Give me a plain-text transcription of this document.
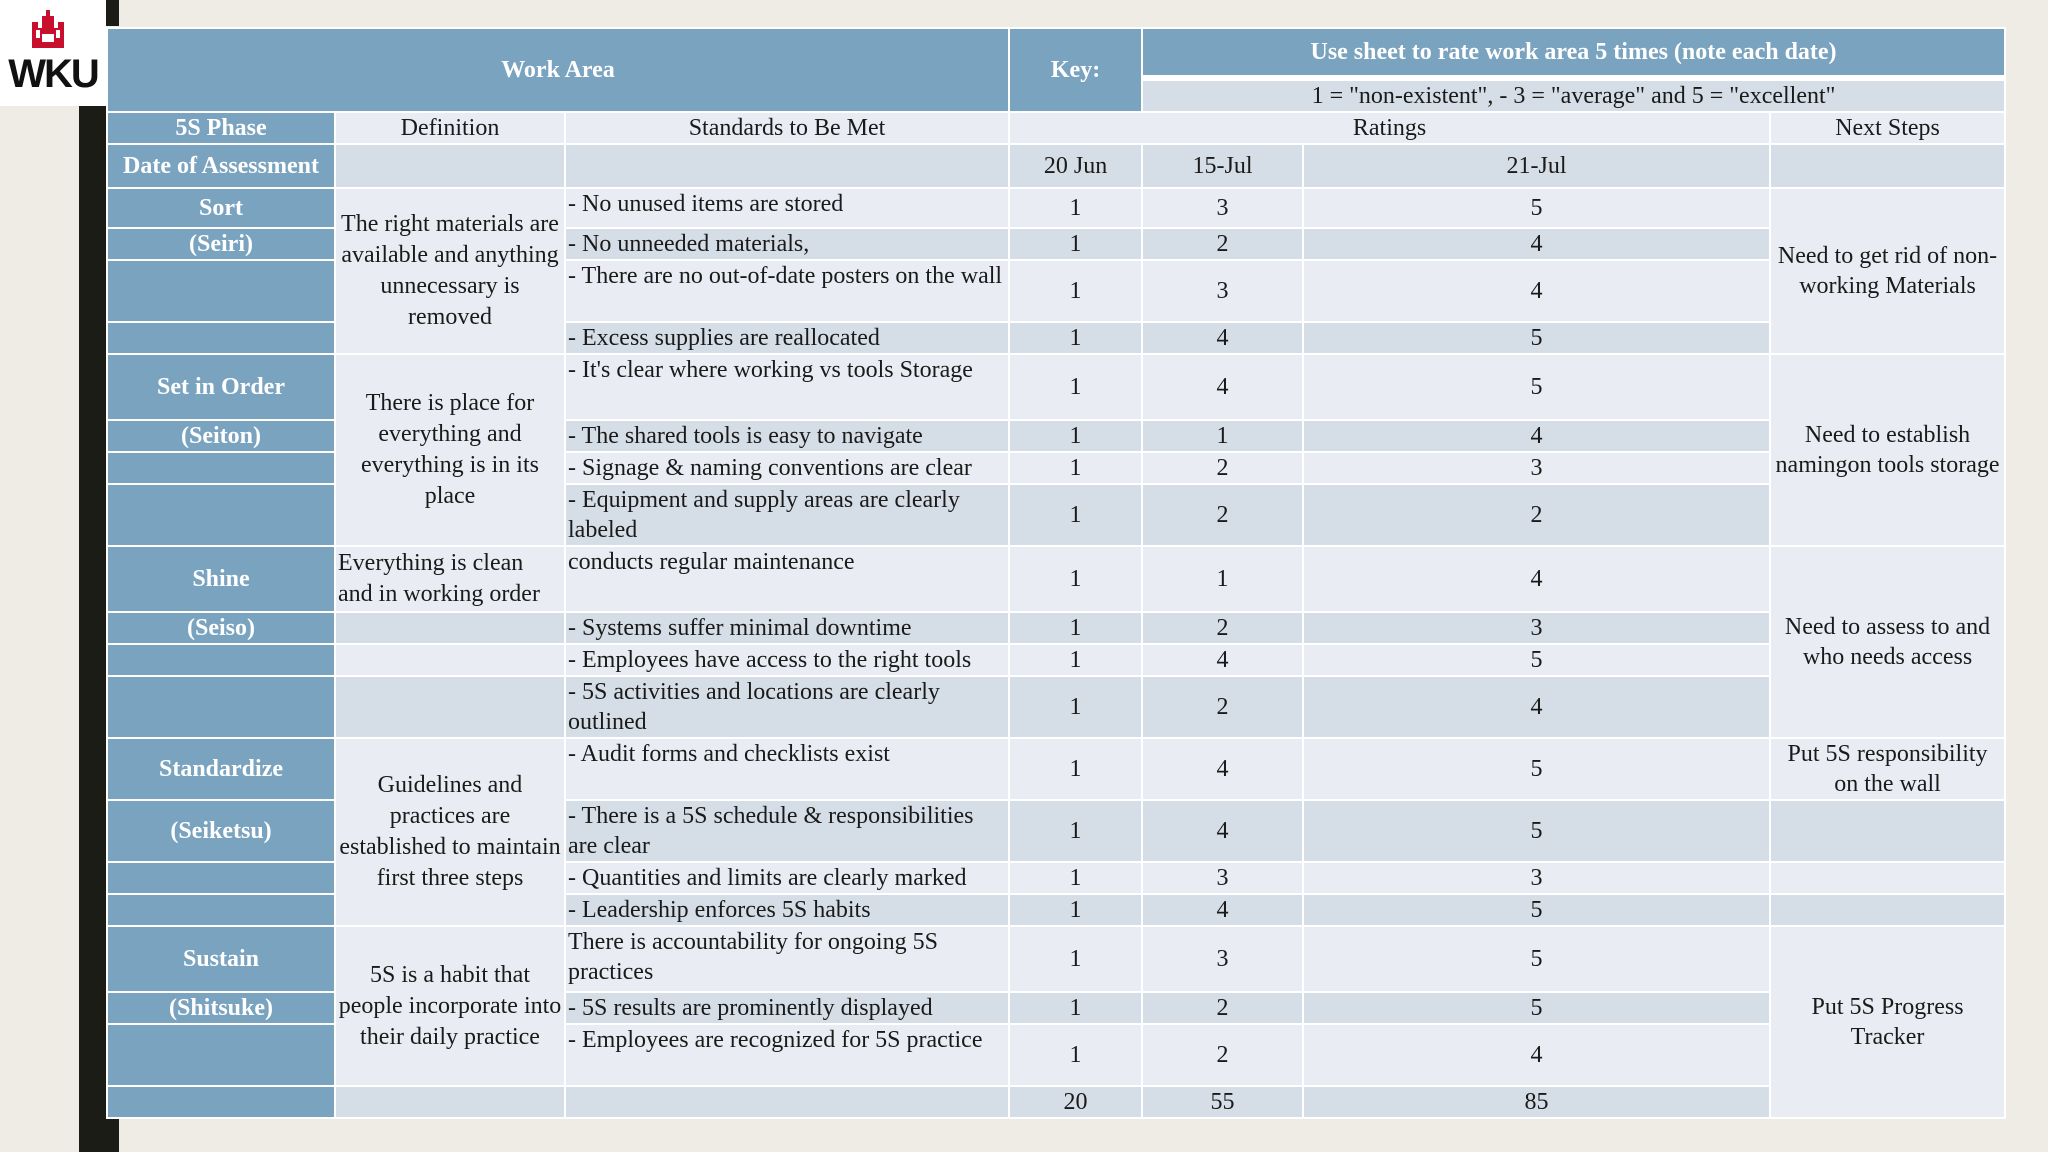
WKU	Work Area			Key:	Use sheet to rate work area 5 times (note each date)		
				1 = "non-existent", - 3 = "average" and 5 = "excellent"		
5S Phase	Definition	Standards to Be Met	Ratings			Next Steps
Date of Assessment			20 Jun	15-Jul	21-Jul	
Sort	The right materials are available and anything unnecessary is removed	- No unused items are stored	1	3	5	Need to get rid of non-working Materials
(Seiri)		- No unneeded materials,	1	2	4	
		- There are no out-of-date posters on the wall	1	3	4	
		- Excess supplies are reallocated	1	4	5	
Set in Order	There is place for everything and everything is in its place	- It's clear where working vs tools Storage	1	4	5	Need to establish namingon tools storage
(Seiton)		- The shared tools is easy to navigate	1	1	4	
		- Signage & naming conventions are clear	1	2	3	
		- Equipment and supply areas are clearly labeled	1	2	2	
Shine	Everything is clean and in working order	conducts regular maintenance	1	1	4	Need to assess to and who needs access
(Seiso)		- Systems suffer minimal downtime	1	2	3	
		- Employees have access to the right tools	1	4	5	
		- 5S activities and locations are clearly outlined	1	2	4	
Standardize	Guidelines and practices are established to maintain first three steps	- Audit forms and checklists exist	1	4	5	Put 5S responsibility on the wall
(Seiketsu)		- There is a 5S schedule & responsibilities are clear	1	4	5	
		- Quantities and limits are clearly marked	1	3	3	
		- Leadership enforces 5S habits	1	4	5	
Sustain	5S is a habit that people incorporate into their daily practice	There is accountability for ongoing 5S practices	1	3	5	Put 5S Progress Tracker
(Shitsuke)		- 5S results are prominently displayed	1	2	5	
		- Employees are recognized for 5S practice	1	2	4	
			20	55	85	
